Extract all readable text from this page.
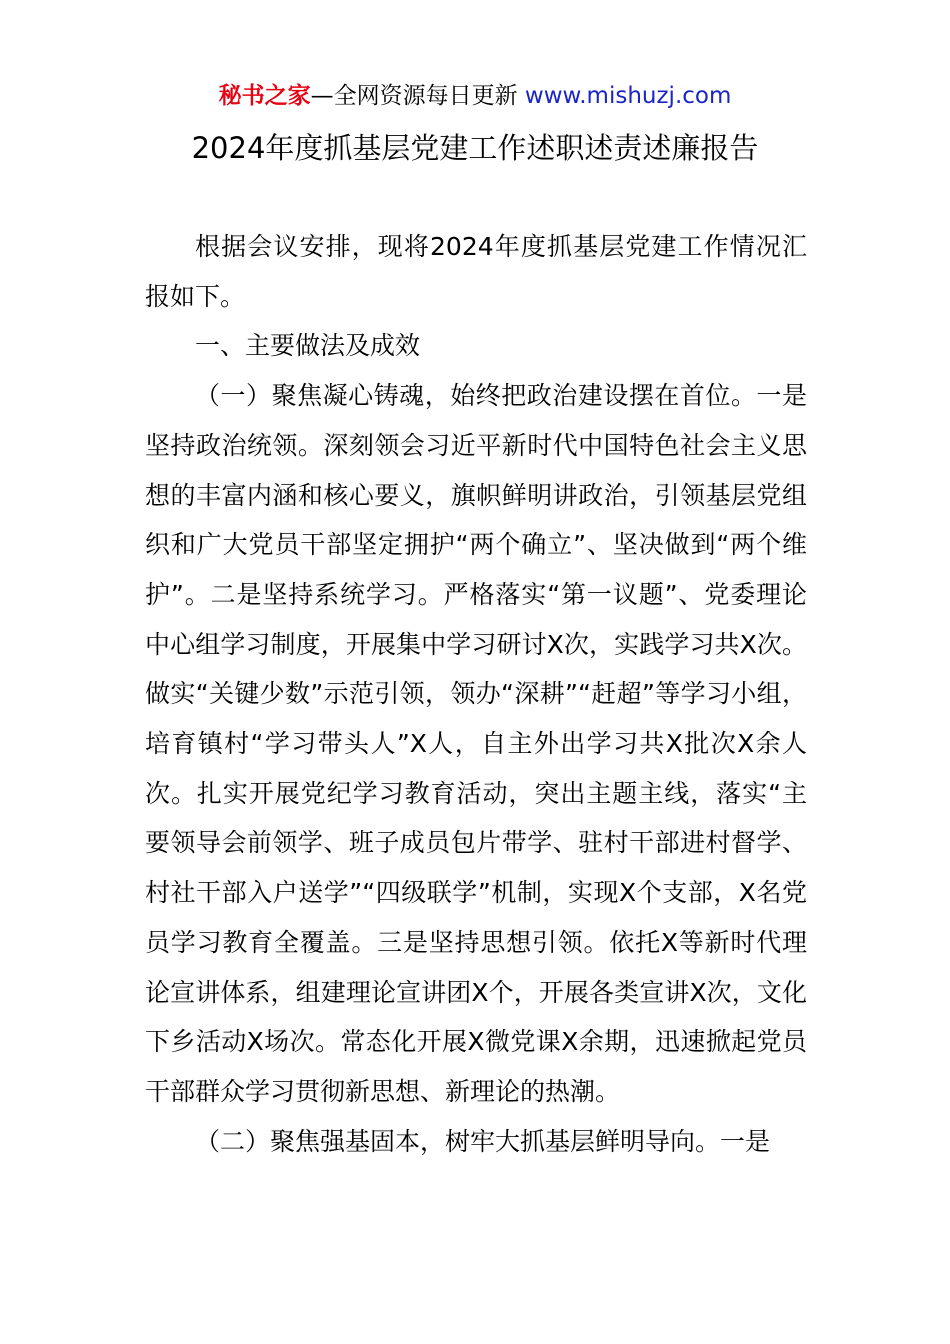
秘书之家—全网资源每日更新 www.mishuzj.com
2024年度抓基层党建工作述职述责述廉报告

根据会议安排，现将2024年度抓基层党建工作情况汇报如下。

一、主要做法及成效

（一）聚焦凝心铸魂，始终把政治建设摆在首位。一是坚持政治统领。深刻领会习近平新时代中国特色社会主义思想的丰富内涵和核心要义，旗帜鲜明讲政治，引领基层党组织和广大党员干部坚定拥护“两个确立”、坚决做到“两个维护”。二是坚持系统学习。严格落实“第一议题”、党委理论中心组学习制度，开展集中学习研讨X次，实践学习共X次。做实“关键少数”示范引领，领办“深耕”“赶超”等学习小组，培育镇村“学习带头人”X人，自主外出学习共X批次X余人次。扎实开展党纪学习教育活动，突出主题主线，落实“主要领导会前领学、班子成员包片带学、驻村干部进村督学、村社干部入户送学”“四级联学”机制，实现X个支部，X名党员学习教育全覆盖。三是坚持思想引领。依托X等新时代理论宣讲体系，组建理论宣讲团X个，开展各类宣讲X次，文化下乡活动X场次。常态化开展X微党课X余期，迅速掀起党员干部群众学习贯彻新思想、新理论的热潮。

（二）聚焦强基固本，树牢大抓基层鲜明导向。一是
